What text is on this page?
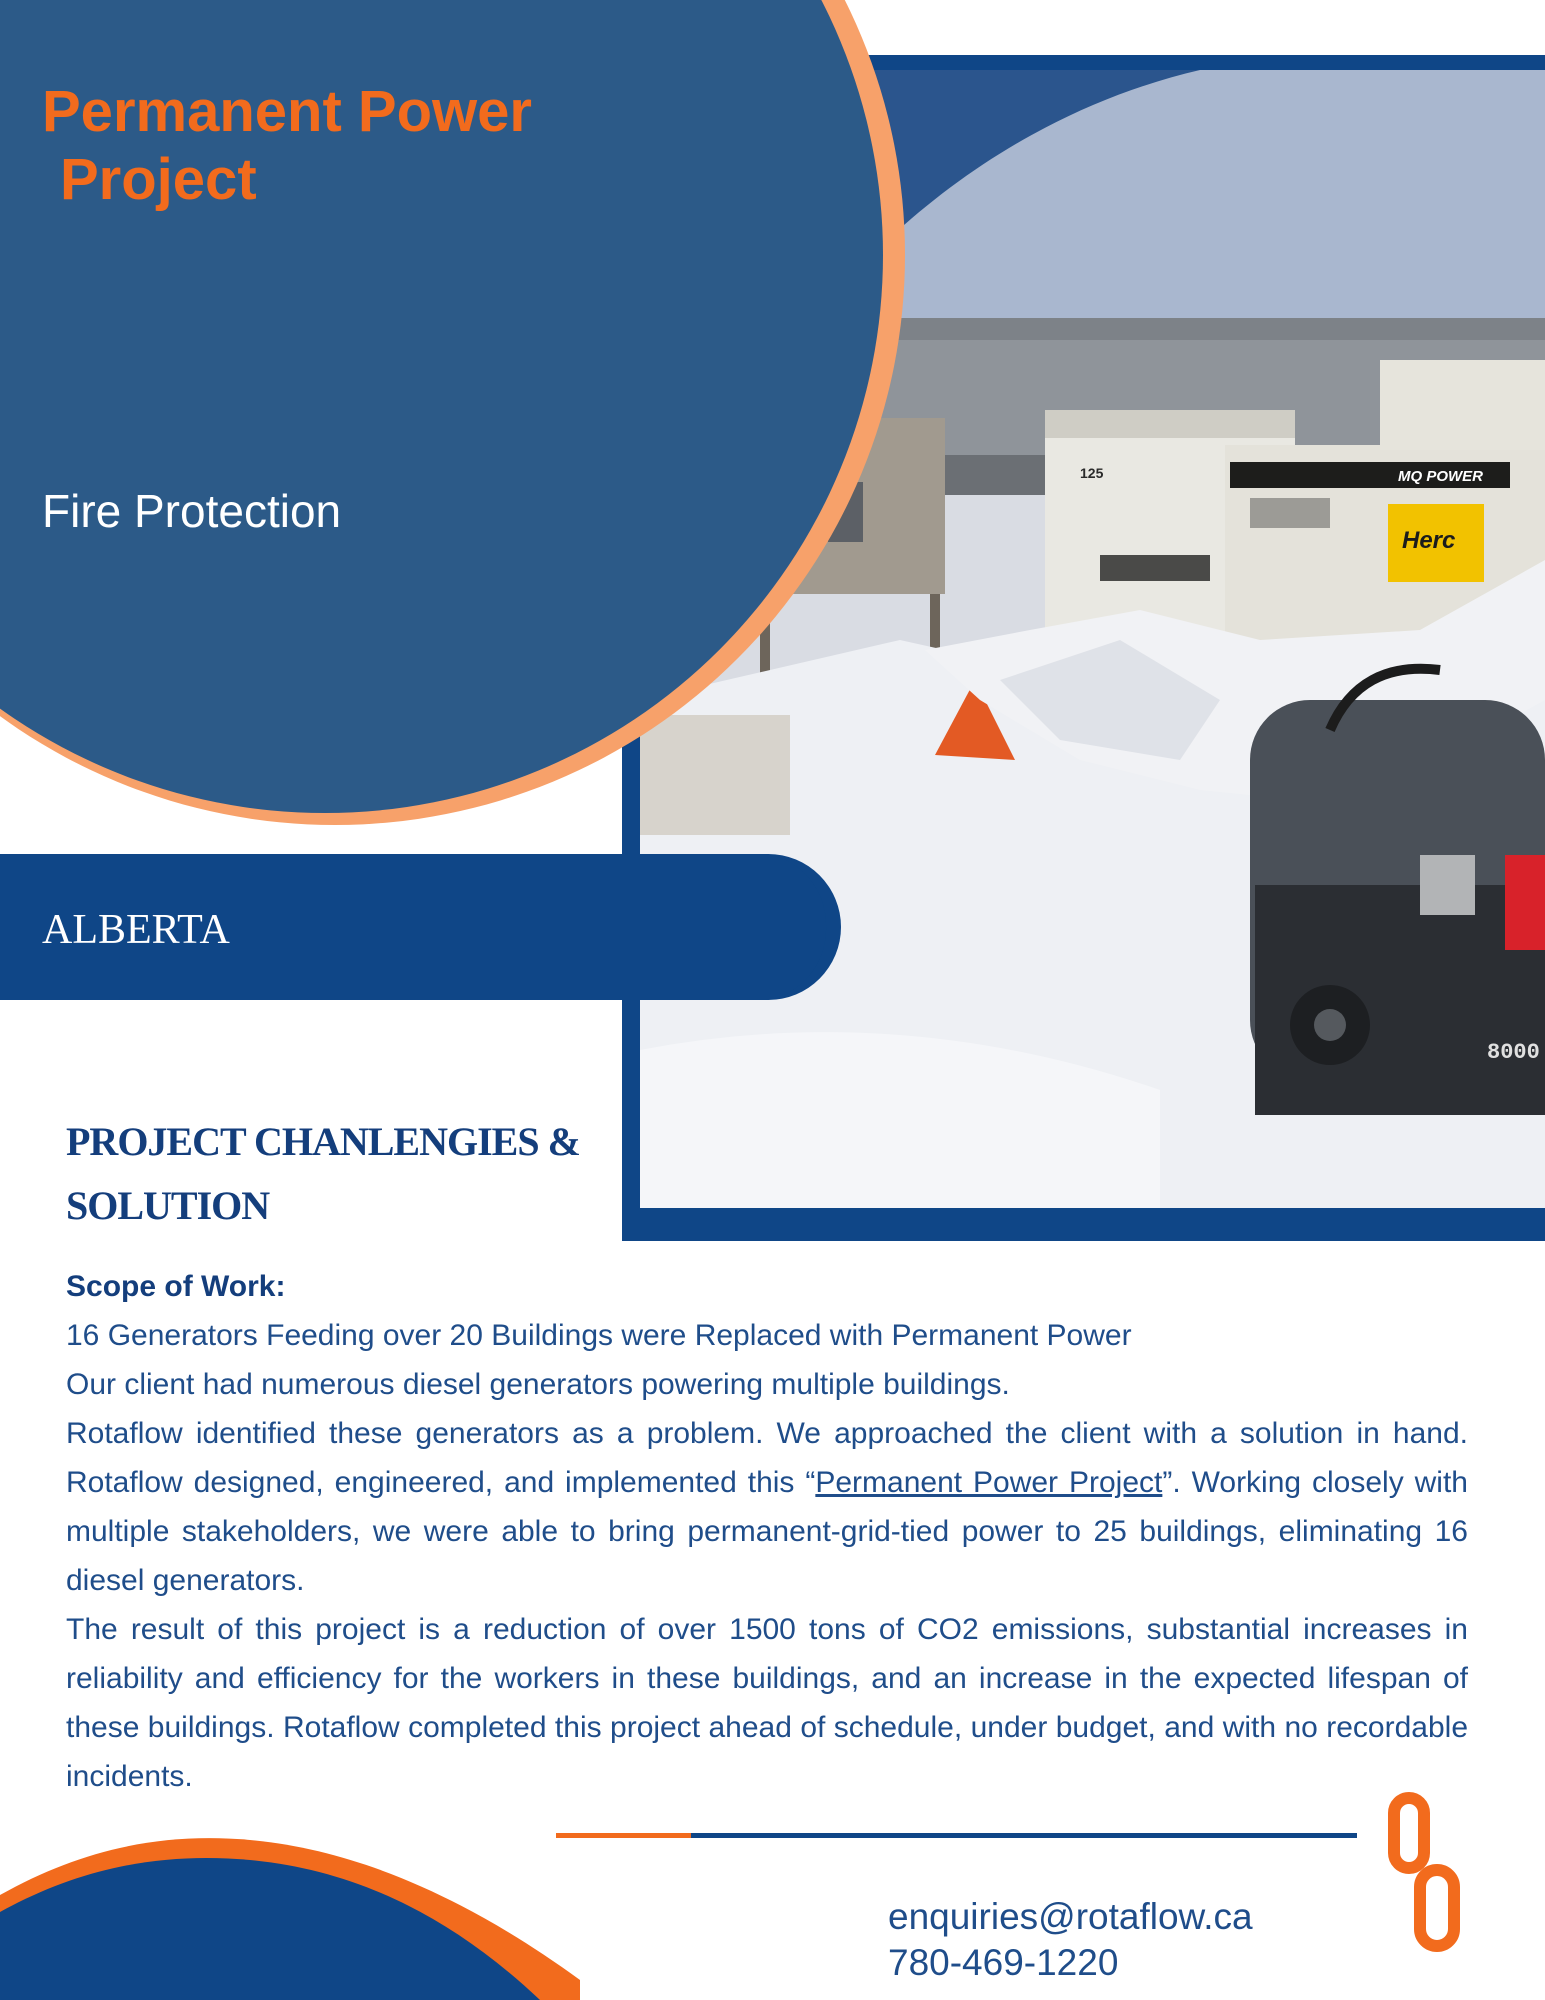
125	MQ POWER
Herc
8000
Permanent Power
Project
Fire Protection
ALBERTA
PROJECT CHANLENGIES &
SOLUTION

Scope of Work:

16 Generators Feeding over 20 Buildings were Replaced with Permanent Power

Our client had numerous diesel generators powering multiple buildings.

Rotaflow identified these generators as a problem. We approached the client with a solution in hand. Rotaflow designed, engineered, and implemented this “Permanent Power Project”. Working closely with multiple stakeholders, we were able to bring permanent-grid-tied power to 25 buildings, eliminating 16 diesel generators.

The result of this project is a reduction of over 1500 tons of CO2 emissions, substantial increases in reliability and efficiency for the workers in these buildings, and an increase in the expected lifespan of these buildings. Rotaflow completed this project ahead of schedule, under budget, and with no recordable incidents.

enquiries@rotaflow.ca
780-469-1220
